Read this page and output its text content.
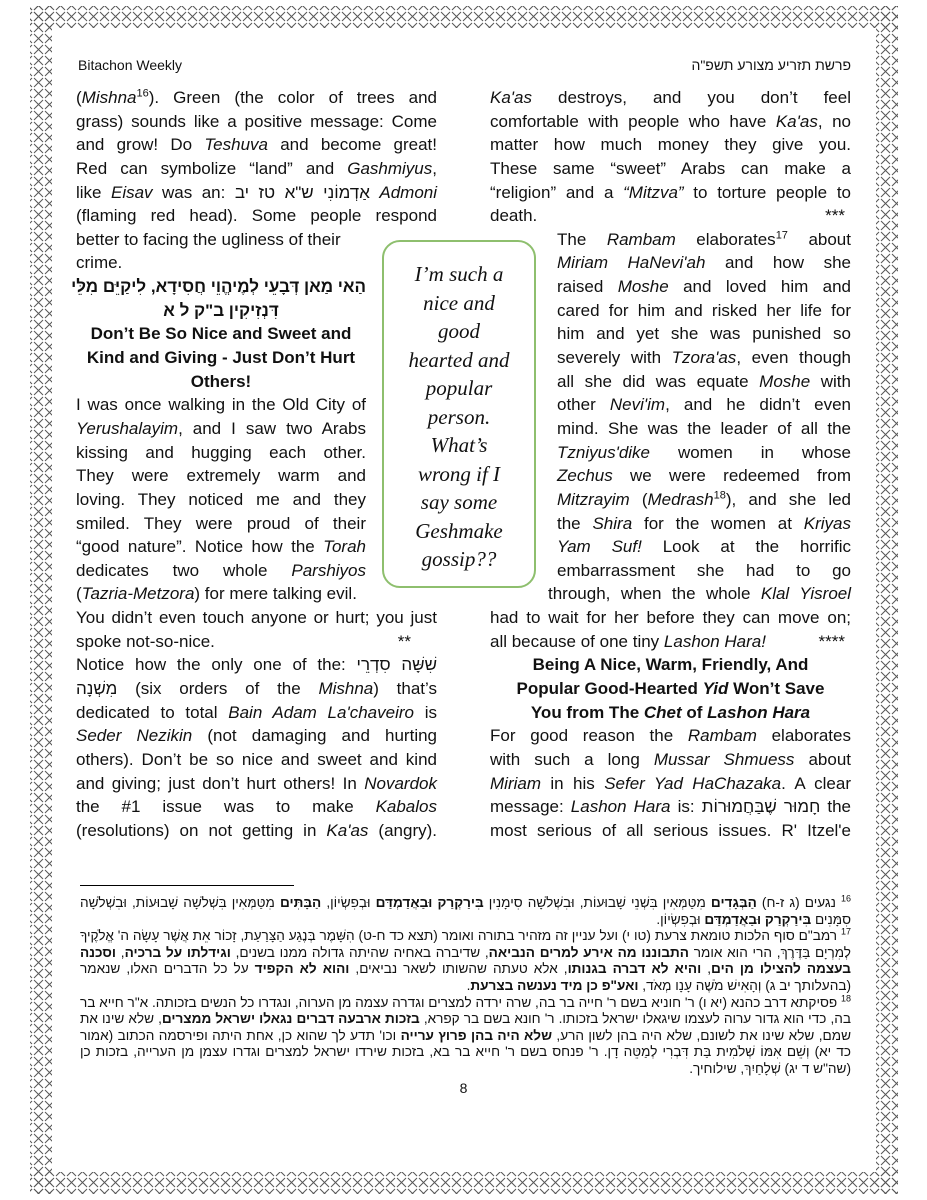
Bitachon Weekly	פרשת תזריע מצורע תשפ"ה
(Mishna$^{16}$). Green (the color of trees and
grass) sounds like a positive message: Come
and grow! Do Teshuva and become great!
Red can symbolize “land” and Gashmiyus,
like Eisav was an: אַדְמוֹנִי ש"א טז יב Admoni
(flaming red head). Some people respond
better to facing the ugliness of their
crime.
הַאי מַאן דְּבָעֵי לְמֶיהֱוֵי חֲסִידָא, לִיקַיֵּם מִלֵּי
דִּנְזִיקִין ב"ק ל א
Don’t Be So Nice and Sweet and
Kind and Giving - Just Don’t Hurt
Others!
I was once walking in the Old City of
Yerushalayim, and I saw two Arabs
kissing and hugging each other.
They were extremely warm and
loving. They noticed me and they
smiled. They were proud of their
“good nature”. Notice how the Torah
dedicates two whole Parshiyos
(Tazria-Metzora) for mere talking evil.
You didn’t even touch anyone or hurt; you just
spoke not-so-nice.	**
Notice how the only one of the: שִׁשָּׁה סִדְרֵי
מִשְׁנָה (six orders of the Mishna) that’s
dedicated to total Bain Adam La'chaveiro is
Seder Nezikin (not damaging and hurting
others). Don’t be so nice and sweet and kind
and giving; just don’t hurt others! In Novardok
the #1 issue was to make Kabalos
(resolutions) on not getting in Ka'as (angry).
Ka'as destroys, and you don’t feel
comfortable with people who have Ka'as, no
matter how much money they give you.
These same “sweet” Arabs can make a
“religion” and a “Mitzva” to torture people to
death.	***
The Rambam elaborates$^{17}$ about
Miriam HaNevi'ah and how she
raised Moshe and loved him and
cared for him and risked her life for
him and yet she was punished so
severely with Tzora'as, even though
all she did was equate Moshe with
other Nevi'im, and he didn’t even
mind. She was the leader of all the
Tzniyus'dike women in whose
Zechus we were redeemed from
Mitzrayim (Medrash$^{18}$), and she led
the Shira for the women at Kriyas
Yam Suf! Look at the horrific
embarrassment she had to go
through, when the whole Klal Yisroel
had to wait for her before they can move on;
all because of one tiny Lashon Hara!	****
Being A Nice, Warm, Friendly, And
Popular Good-Hearted Yid Won’t Save
You from The Chet of Lashon Hara
For good reason the Rambam elaborates
with such a long Mussar Shmuess about
Miriam in his Sefer Yad HaChazaka. A clear
message: Lashon Hara is: חָמוּר שֶׁבַּחֲמוּרוֹת the
most serious of all serious issues. R' Itzel'e
I’m such a
nice and
good
hearted and
popular
person.
What’s
wrong if I
say some
Geshmake
gossip??

$^{16}$ נגעים (ג ז-ח) הַבְּגָדִים מִטַּמְּאִין בִּשְׁנֵי שָׁבוּעוֹת, וּבִשְׁלֹשָׁה סִימָנִין בִּירַקְרַק וּבַאֲדַמְדַּם וּבְפִשְׂיוֹן, הַבָּתִּים מִטַּמְּאִין בִּשְׁלֹשָׁה שָׁבוּעוֹת, וּבִשְׁלֹשָׁה סִמָּנִים בִּירַקְרַק וּבַאֲדַמְדַּם וּבְפִשְׂיוֹן.

$^{17}$ רמב"ם סוף הלכות טומאת צרעת (טו י) ועל עניין זה מזהיר בתורה ואומר (תצא כד ח-ט) הִשָּׁמֶר בְּנֶגַע הַצָּרַעַת, זָכוֹר אֵת אֲשֶׁר עָשָׂה ה' אֱלֹקֶיךָ לְמִרְיָם בַּדֶּרֶךְ, הרי הוא אומר התבוננו מה אירע למרים הנביאה, שדיברה באחיה שהיתה גדולה ממנו בשנים, וגידלתו על ברכיה, וסכנה בעצמה להצילו מן הים, והיא לא דברה בגנותו, אלא טעתה שהשותו לשאר נביאים, והוא לא הקפיד על כל הדברים האלו, שנאמר (בהעלותך יב ג) וְהָאִישׁ מֹשֶׁה עָנָו מְאֹד, ואע"פ כן מיד נענשה בצרעת.

$^{18}$ פסיקתא דרב כהנא (יא ו) ר' חוניא בשם ר' חייה בר בה, שרה ירדה למצרים וגדרה עצמה מן הערוה, ונגדרו כל הנשים בזכותה. א"ר חייא בר בה, כדי הוא גדור ערוה לעצמו שיגאלו ישראל בזכותו. ר' חונא בשם בר קפרא, בזכות ארבעה דברים נגאלו ישראל ממצרים, שלא שינו את שמם, שלא שינו את לשונם, שלא היה בהן לשון הרע, שלא היה בהן פרוץ ערייה וכו' תדע לך שהוא כן, אחת היתה ופירסמה הכתוב (אמור כד יא) וְשֵׁם אִמּוֹ שְׁלֹמִית בַּת דִּבְרִי לְמַטֵּה דָן. ר' פנחס בשם ר' חייא בר בא, בזכות שירדו ישראל למצרים וגדרו עצמן מן הערייה, בזכות כן (שה"ש ד יג) שְׁלָחַיִךְ, שילוחיך.

8
